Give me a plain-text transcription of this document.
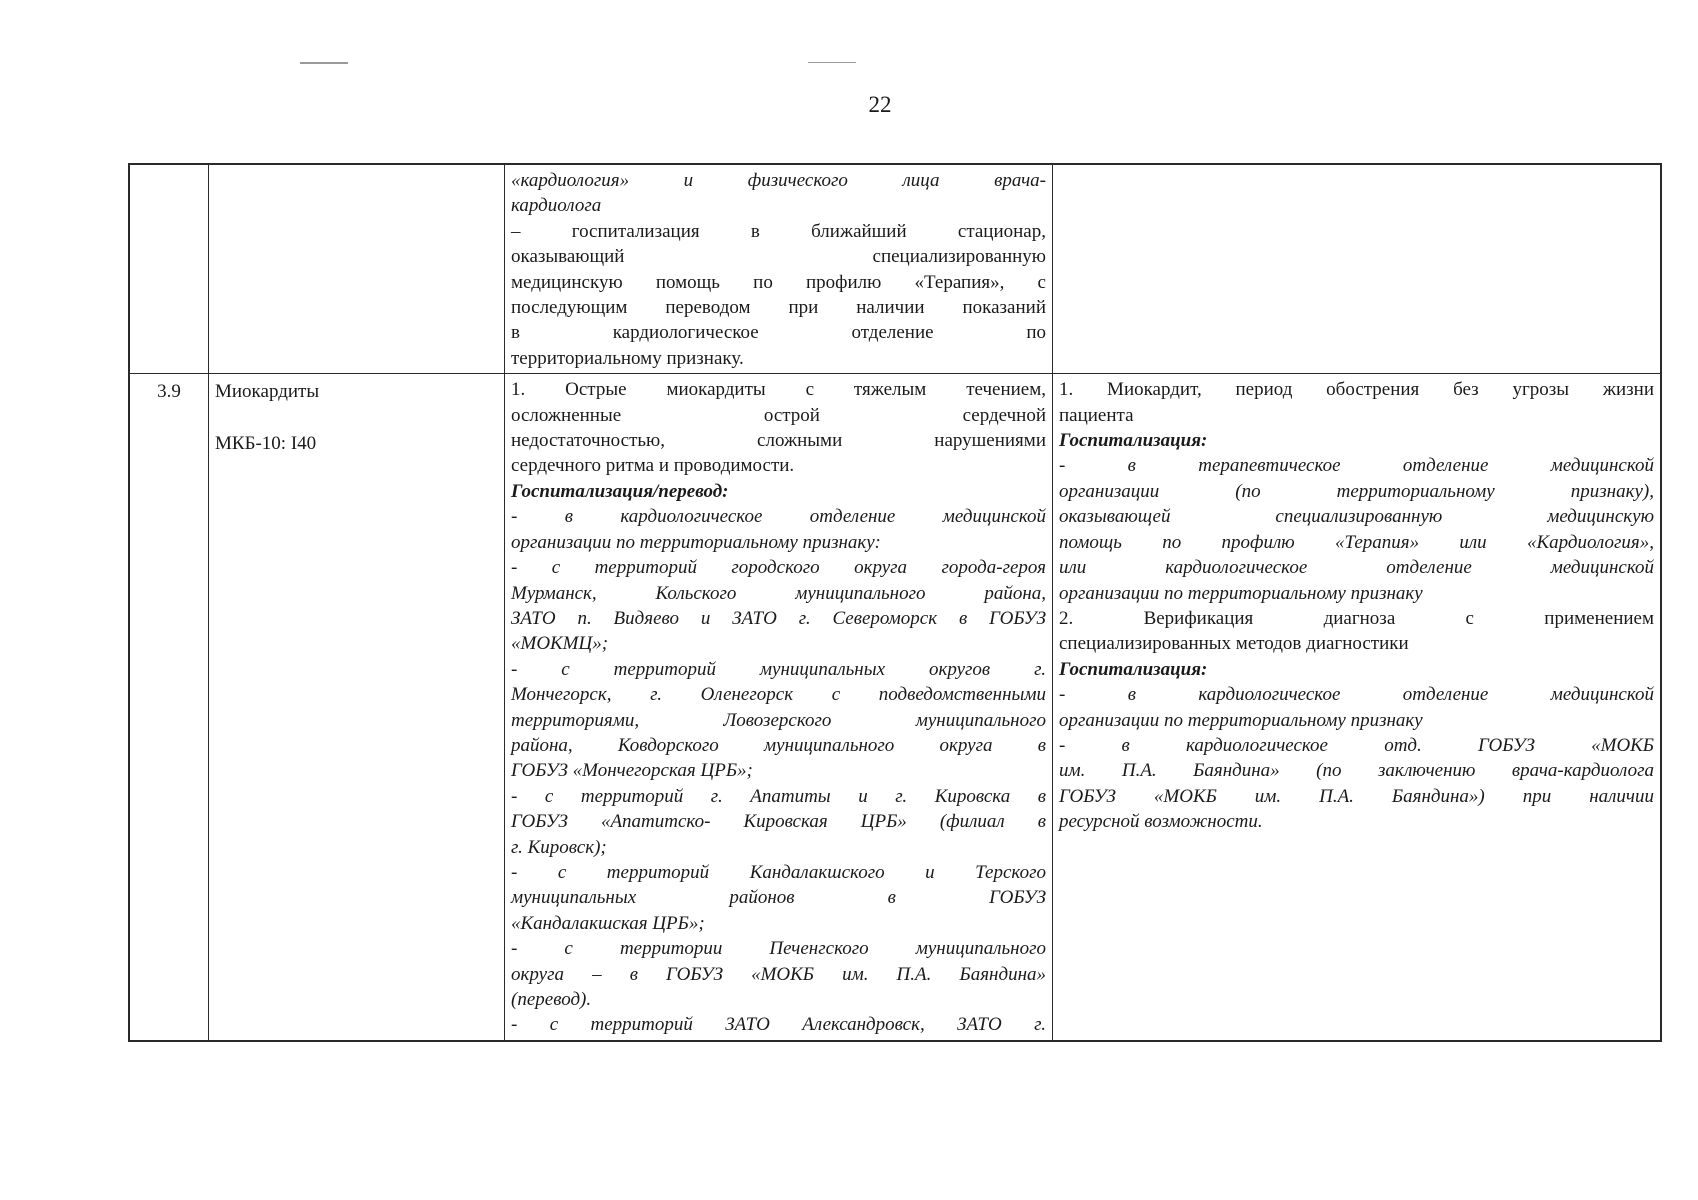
22
«кардиология» и физического лица врача-
кардиолога
– госпитализация в ближайший стационар,
оказывающий специализированную
медицинскую помощь по профилю «Терапия», с
последующим переводом при наличии показаний
в кардиологическое отделение по
территориальному признаку.
3.9	Миокардиты
МКБ-10: I40
1. Острые миокардиты с тяжелым течением,
осложненные острой сердечной
недостаточностью, сложными нарушениями
сердечного ритма и проводимости.
Госпитализация/перевод:
- в кардиологическое отделение медицинской
организации по территориальному признаку:
- с территорий городского округа города-героя
Мурманск, Кольского муниципального района,
ЗАТО п. Видяево и ЗАТО г. Североморск в ГОБУЗ
«МОКМЦ»;
- с территорий муниципальных округов г.
Мончегорск, г. Оленегорск с подведомственными
территориями, Ловозерского муниципального
района, Ковдорского муниципального округа в
ГОБУЗ «Мончегорская ЦРБ»;
- с территорий г. Апатиты и г. Кировска в
ГОБУЗ «Апатитско- Кировская ЦРБ» (филиал в
г. Кировск);
- с территорий Кандалакшского и Терского
муниципальных районов в ГОБУЗ
«Кандалакшская ЦРБ»;
- с территории Печенгского муниципального
округа – в ГОБУЗ «МОКБ им. П.А. Баяндина»
(перевод).
- с территорий ЗАТО Александровск, ЗАТО г.
1. Миокардит, период обострения без угрозы жизни
пациента
Госпитализация:
- в терапевтическое отделение медицинской
организации (по территориальному признаку),
оказывающей специализированную медицинскую
помощь по профилю «Терапия» или «Кардиология»,
или кардиологическое отделение медицинской
организации по территориальному признаку
2. Верификация диагноза с применением
специализированных методов диагностики
Госпитализация:
- в кардиологическое отделение медицинской
организации по территориальному признаку
- в кардиологическое отд. ГОБУЗ «МОКБ
им. П.А. Баяндина» (по заключению врача-кардиолога
ГОБУЗ «МОКБ им. П.А. Баяндина») при наличии
ресурсной возможности.
